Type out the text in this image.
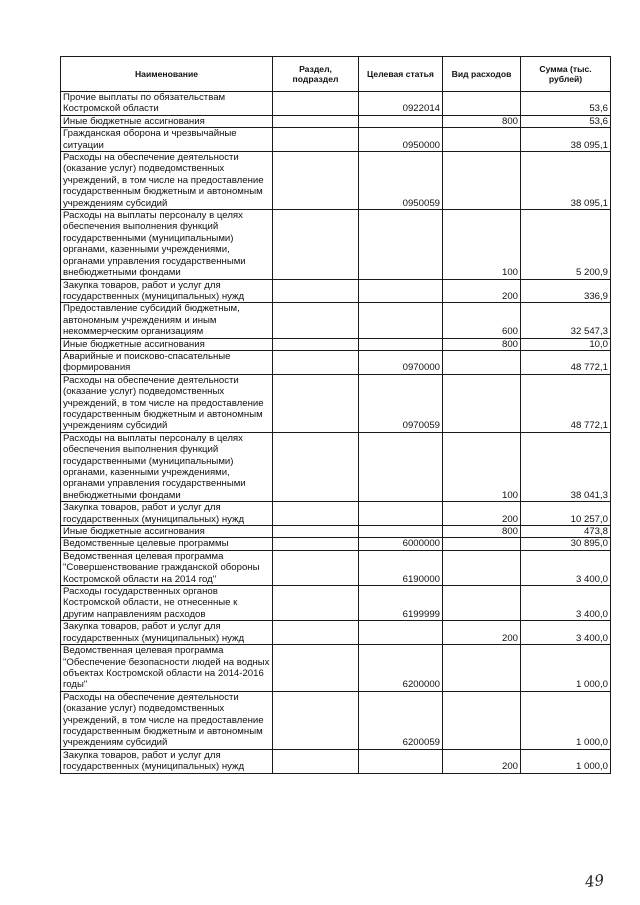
Наименование	Раздел, подраздел	Целевая статья	Вид расходов	Сумма (тыс. рублей)
Прочие выплаты по обязательствам Костромской области		0922014		53,6
Иные бюджетные ассигнования			800	53,6
Гражданская оборона и чрезвычайные ситуации		0950000		38 095,1
Расходы на обеспечение деятельности (оказание услуг) подведомственных учреждений, в том числе на предоставление государственным бюджетным и автономным учреждениям субсидий		0950059		38 095,1
Расходы на выплаты персоналу в целях обеспечения выполнения функций государственными (муниципальными) органами, казенными учреждениями, органами управления государственными внебюджетными фондами			100	5 200,9
Закупка товаров, работ и услуг для государственных (муниципальных) нужд			200	336,9
Предоставление субсидий бюджетным, автономным учреждениям и иным некоммерческим организациям			600	32 547,3
Иные бюджетные ассигнования			800	10,0
Аварийные и поисково-спасательные формирования		0970000		48 772,1
Расходы на обеспечение деятельности (оказание услуг) подведомственных учреждений, в том числе на предоставление государственным бюджетным и автономным учреждениям субсидий		0970059		48 772,1
Расходы на выплаты персоналу в целях обеспечения выполнения функций государственными (муниципальными) органами, казенными учреждениями, органами управления государственными внебюджетными фондами			100	38 041,3
Закупка товаров, работ и услуг для государственных (муниципальных) нужд			200	10 257,0
Иные бюджетные ассигнования			800	473,8
Ведомственные целевые программы		6000000		30 895,0
Ведомственная целевая программа "Совершенствование гражданской обороны Костромской области на 2014 год"		6190000		3 400,0
Расходы государственных органов Костромской области, не отнесенные к другим направлениям расходов		6199999		3 400,0
Закупка товаров, работ и услуг для государственных (муниципальных) нужд			200	3 400,0
Ведомственная целевая программа "Обеспечение безопасности людей на водных объектах Костромской области на 2014-2016 годы"		6200000		1 000,0
Расходы на обеспечение деятельности (оказание услуг) подведомственных учреждений, в том числе на предоставление государственным бюджетным и автономным учреждениям субсидий		6200059		1 000,0
Закупка товаров, работ и услуг для государственных (муниципальных) нужд			200	1 000,0
49
